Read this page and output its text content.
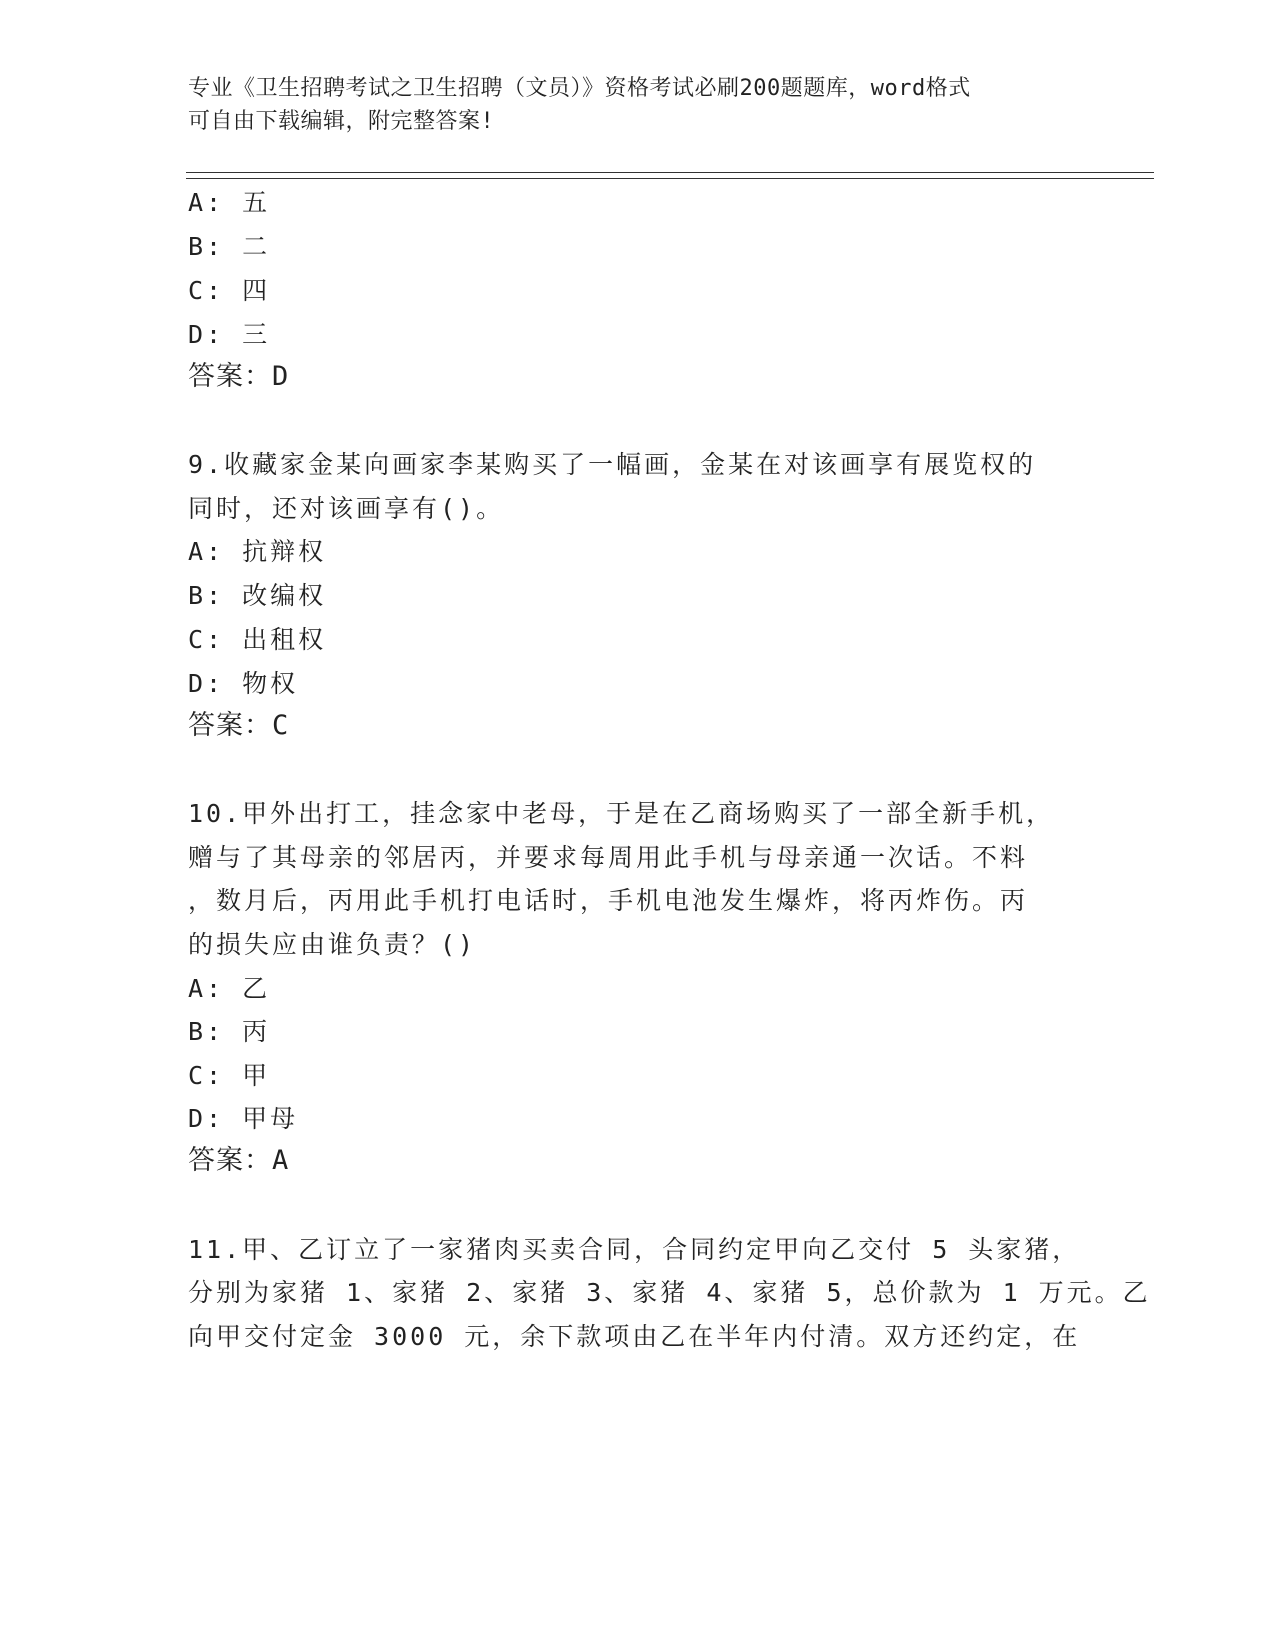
专业《卫生招聘考试之卫生招聘（文员）》资格考试必刷200题题库，word格式
可自由下载编辑，附完整答案!
A: 五
B: 二
C: 四
D: 三
答案：D
9.收藏家金某向画家李某购买了一幅画，金某在对该画享有展览权的
同时，还对该画享有()。
A: 抗辩权
B: 改编权
C: 出租权
D: 物权
答案：C
10.甲外出打工，挂念家中老母，于是在乙商场购买了一部全新手机，
赠与了其母亲的邻居丙，并要求每周用此手机与母亲通一次话。不料
，数月后，丙用此手机打电话时，手机电池发生爆炸，将丙炸伤。丙
的损失应由谁负责？()
A: 乙
B: 丙
C: 甲
D: 甲母
答案：A
11.甲、乙订立了一家猪肉买卖合同，合同约定甲向乙交付 5 头家猪，
分别为家猪 1、家猪 2、家猪 3、家猪 4、家猪 5，总价款为 1 万元。乙
向甲交付定金 3000 元，余下款项由乙在半年内付清。双方还约定，在
